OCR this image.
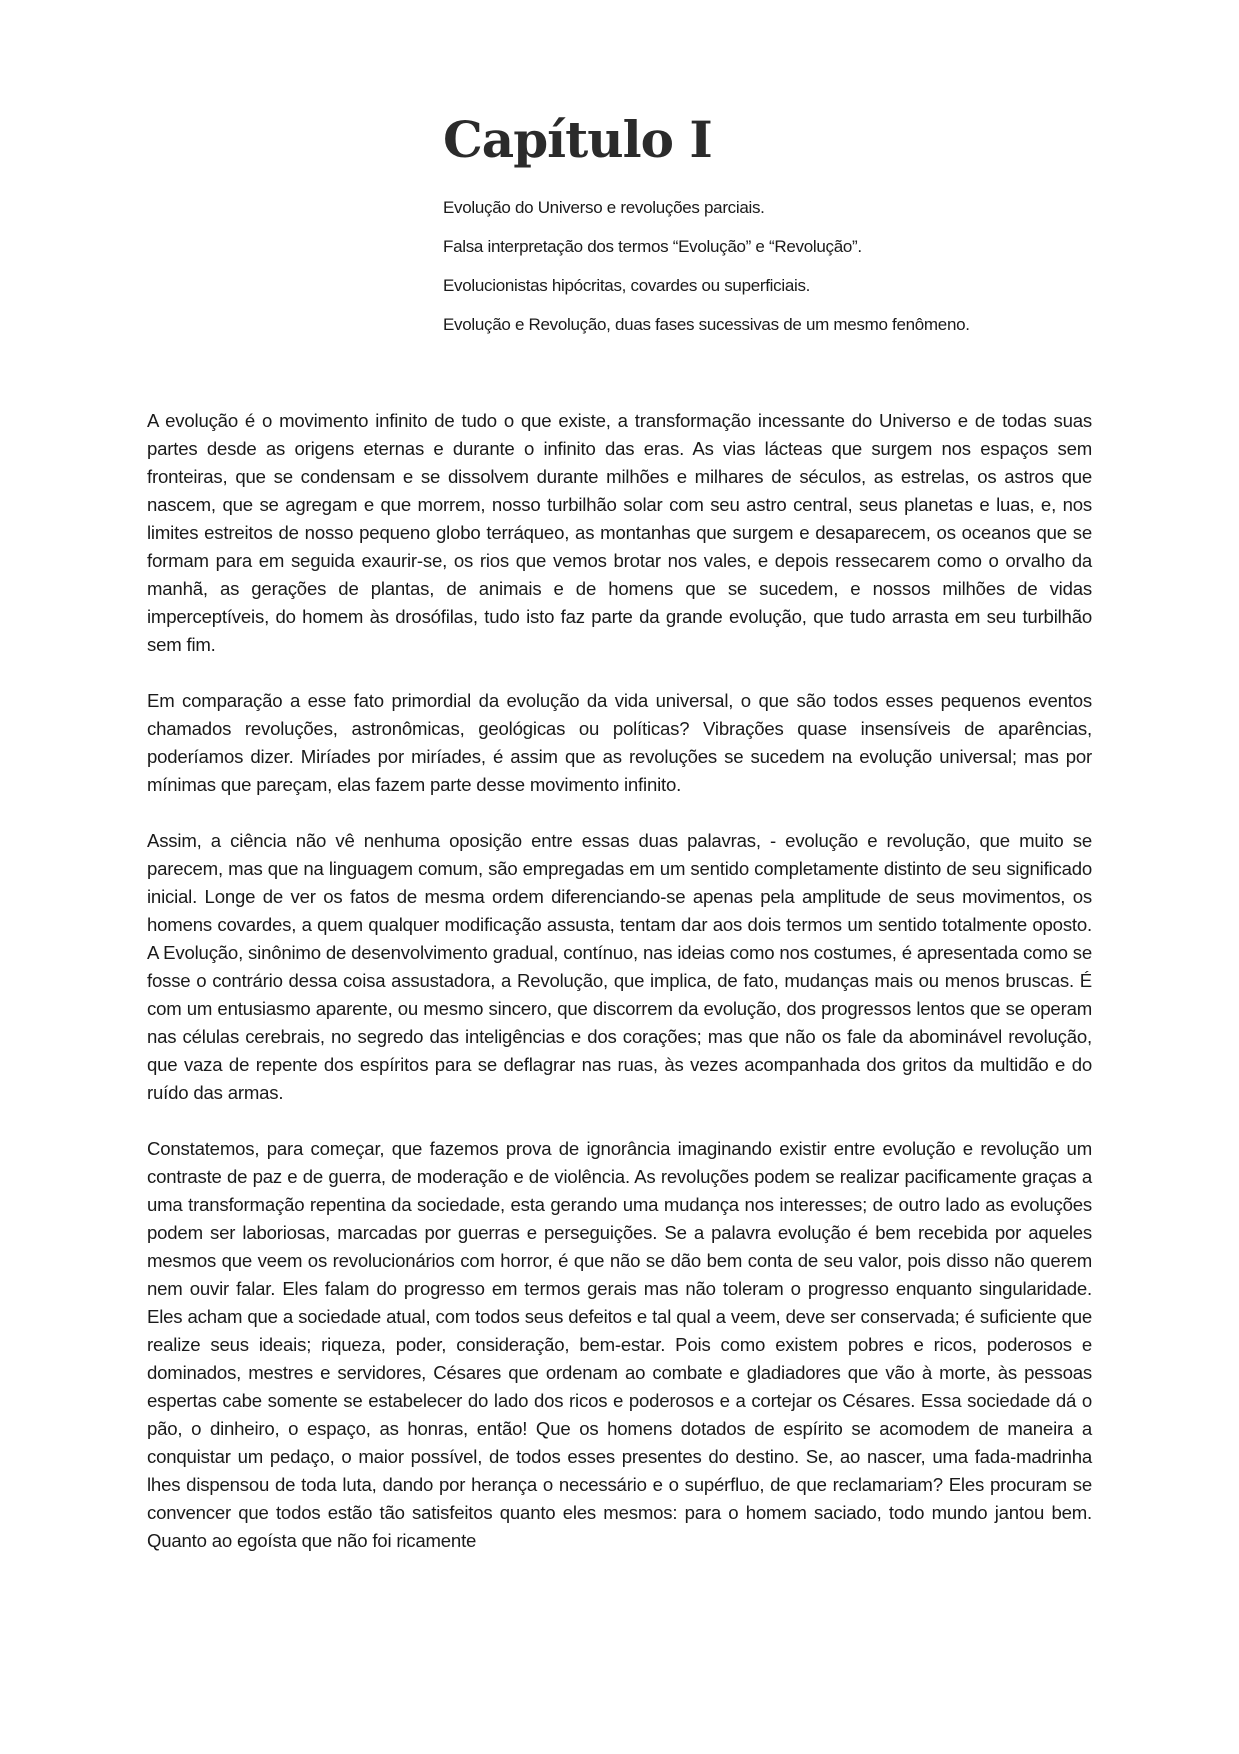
Capítulo I
Evolução do Universo e revoluções parciais.
Falsa interpretação dos termos “Evolução” e “Revolução”.
Evolucionistas hipócritas, covardes ou superficiais.
Evolução e Revolução, duas fases sucessivas de um mesmo fenômeno.

A evolução é o movimento infinito de tudo o que existe, a transformação incessante do Universo e de todas suas partes desde as origens eternas e durante o infinito das eras. As vias lácteas que surgem nos espaços sem fronteiras, que se condensam e se dissolvem durante milhões e milhares de séculos, as estrelas, os astros que nascem, que se agregam e que morrem, nosso turbilhão solar com seu astro central, seus planetas e luas, e, nos limites estreitos de nosso pequeno globo terráqueo, as montanhas que surgem e desaparecem, os oceanos que se formam para em seguida exaurir-se, os rios que vemos brotar nos vales, e depois ressecarem como o orvalho da manhã, as gerações de plantas, de animais e de homens que se sucedem, e nossos milhões de vidas imperceptíveis, do homem às drosófilas, tudo isto faz parte da grande evolução, que tudo arrasta em seu turbilhão sem fim.

Em comparação a esse fato primordial da evolução da vida universal, o que são todos esses pequenos eventos chamados revoluções, astronômicas, geológicas ou políticas? Vibrações quase insensíveis de aparências, poderíamos dizer. Miríades por miríades, é assim que as revoluções se sucedem na evolução universal; mas por mínimas que pareçam, elas fazem parte desse movimento infinito.

Assim, a ciência não vê nenhuma oposição entre essas duas palavras, - evolução e revolução, que muito se parecem, mas que na linguagem comum, são empregadas em um sentido completamente distinto de seu significado inicial. Longe de ver os fatos de mesma ordem diferenciando-se apenas pela amplitude de seus movimentos, os homens covardes, a quem qualquer modificação assusta, tentam dar aos dois termos um sentido totalmente oposto. A Evolução, sinônimo de desenvolvimento gradual, contínuo, nas ideias como nos costumes, é apresentada como se fosse o contrário dessa coisa assustadora, a Revolução, que implica, de fato, mudanças mais ou menos bruscas. É com um entusiasmo aparente, ou mesmo sincero, que discorrem da evolução, dos progressos lentos que se operam nas células cerebrais, no segredo das inteligências e dos corações; mas que não os fale da abominável revolução, que vaza de repente dos espíritos para se deflagrar nas ruas, às vezes acompanhada dos gritos da multidão e do ruído das armas.

Constatemos, para começar, que fazemos prova de ignorância imaginando existir entre evolução e revolução um contraste de paz e de guerra, de moderação e de violência. As revoluções podem se realizar pacificamente graças a uma transformação repentina da sociedade, esta gerando uma mudança nos interesses; de outro lado as evoluções podem ser laboriosas, marcadas por guerras e perseguições. Se a palavra evolução é bem recebida por aqueles mesmos que veem os revolucionários com horror, é que não se dão bem conta de seu valor, pois disso não querem nem ouvir falar. Eles falam do progresso em termos gerais mas não toleram o progresso enquanto singularidade. Eles acham que a sociedade atual, com todos seus defeitos e tal qual a veem, deve ser conservada; é suficiente que realize seus ideais; riqueza, poder, consideração, bem-estar. Pois como existem pobres e ricos, poderosos e dominados, mestres e servidores, Césares que ordenam ao combate e gladiadores que vão à morte, às pessoas espertas cabe somente se estabelecer do lado dos ricos e poderosos e a cortejar os Césares. Essa sociedade dá o pão, o dinheiro, o espaço, as honras, então! Que os homens dotados de espírito se acomodem de maneira a conquistar um pedaço, o maior possível, de todos esses presentes do destino. Se, ao nascer, uma fada-madrinha lhes dispensou de toda luta, dando por herança o necessário e o supérfluo, de que reclamariam? Eles procuram se convencer que todos estão tão satisfeitos quanto eles mesmos: para o homem saciado, todo mundo jantou bem. Quanto ao egoísta que não foi ricamente
